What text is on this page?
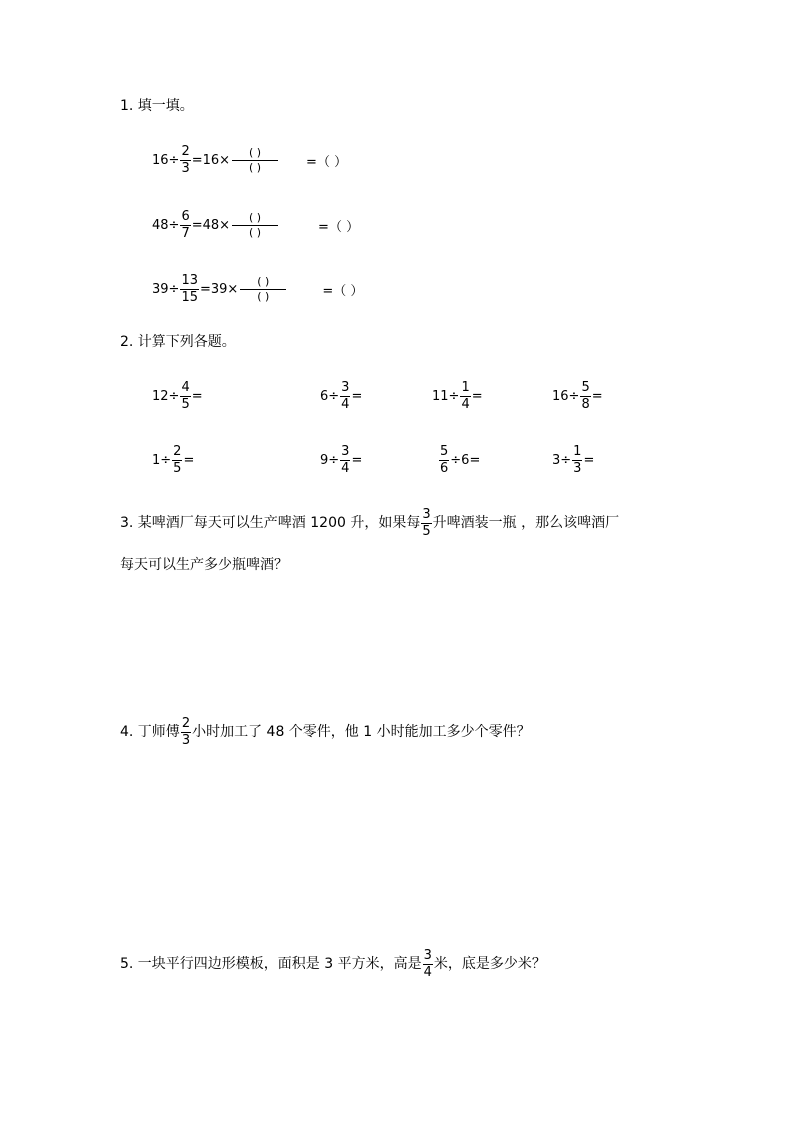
1. 填一填。
$16\div \frac{2}{3} =16\times$
( )
( )	=（ ）
$48\div \frac{6}{7} =48\times$
( )
( )	=（ ）
$39\div \frac{13}{15} =39\times$
( )
( )	=（ ）
2. 计算下列各题。
$12\div \frac{4}{5}$ =	$6\div \frac{3}{4}$ =	$11\div \frac{1}{4}$ =	$16\div \frac{5}{8}$ =
$1\div \frac{2}{5}$ =	$9\div \frac{3}{4}$ =	$\frac{5}{6} \div 6=$	$3\div \frac{1}{3}$ =
3. 某啤酒厂每天可以生产啤酒 1200 升，如果每 $\frac{3}{5}$ 升啤酒装一瓶 ，那么该啤酒厂
每天可以生产多少瓶啤酒？
4. 丁师傅 $\frac{2}{3}$ 小时加工了 48 个零件，他 1 小时能加工多少个零件？
5. 一块平行四边形模板，面积是 3 平方米，高是 $\frac{3}{4}$ 米，底是多少米？
